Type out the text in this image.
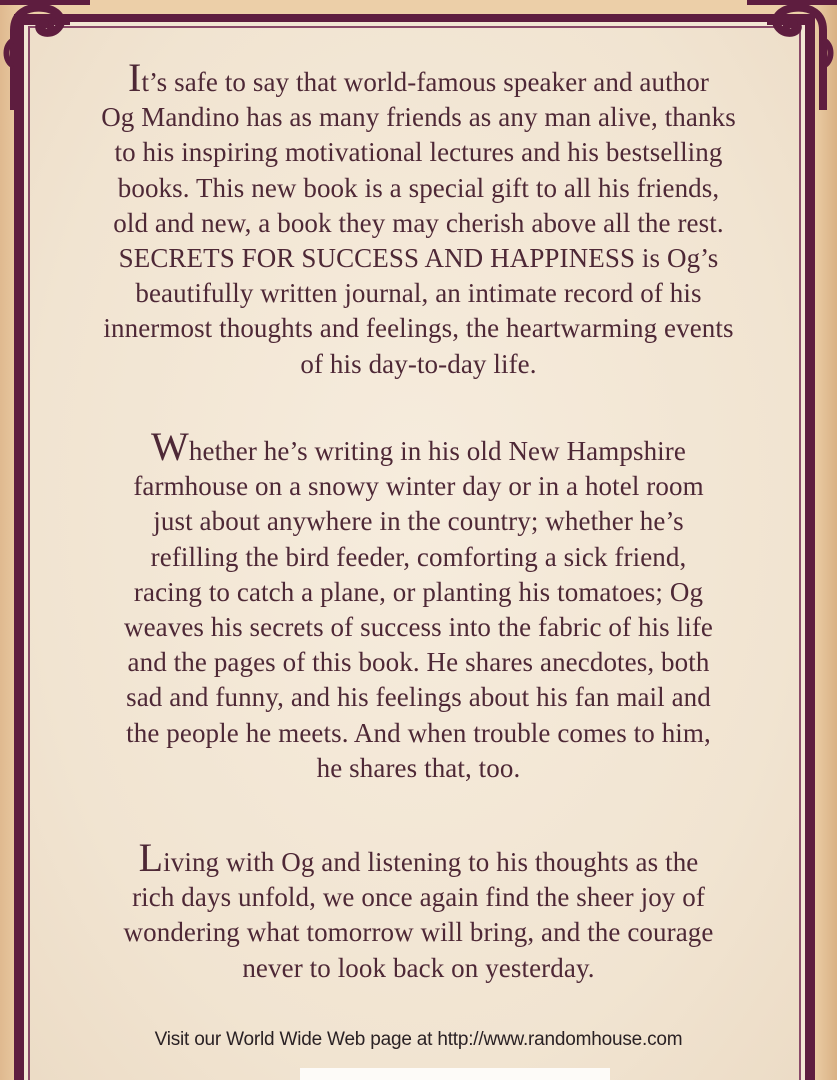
It’s safe to say that world-famous speaker and author
Og Mandino has as many friends as any man alive, thanks
to his inspiring motivational lectures and his bestselling
books. This new book is a special gift to all his friends,
old and new, a book they may cherish above all the rest.
SECRETS FOR SUCCESS AND HAPPINESS is Og’s
beautifully written journal, an intimate record of his
innermost thoughts and feelings, the heartwarming events
of his day-to-day life.
Whether he’s writing in his old New Hampshire
farmhouse on a snowy winter day or in a hotel room
just about anywhere in the country; whether he’s
refilling the bird feeder, comforting a sick friend,
racing to catch a plane, or planting his tomatoes; Og
weaves his secrets of success into the fabric of his life
and the pages of this book. He shares anecdotes, both
sad and funny, and his feelings about his fan mail and
the people he meets. And when trouble comes to him,
he shares that, too.
Living with Og and listening to his thoughts as the
rich days unfold, we once again find the sheer joy of
wondering what tomorrow will bring, and the courage
never to look back on yesterday.
Visit our World Wide Web page at http://www.randomhouse.com
